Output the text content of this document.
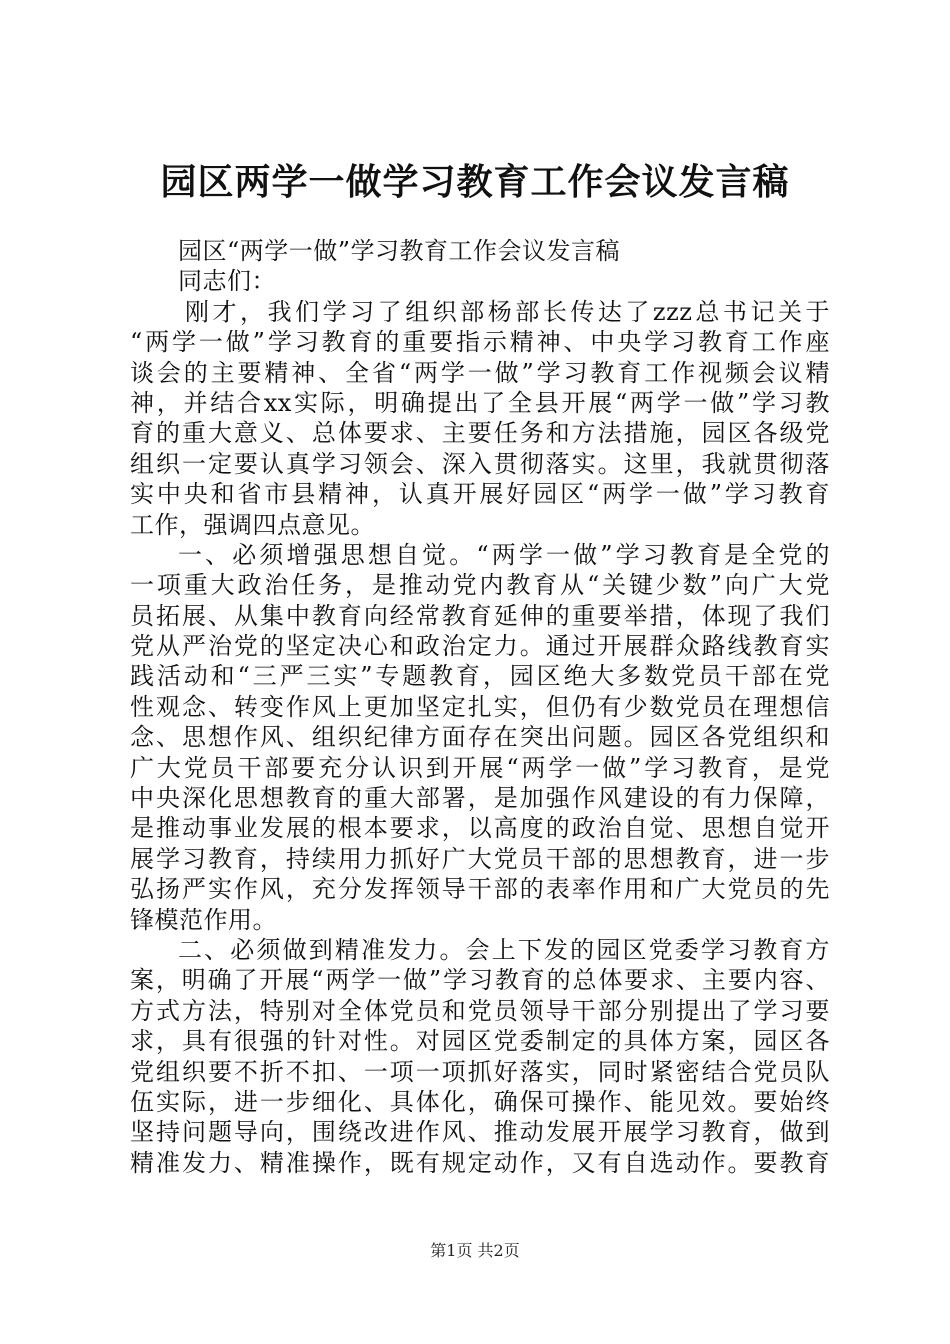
园区两学一做学习教育工作会议发言稿
园区“两学一做”学习教育工作会议发言稿
同志们：
刚才，我们学习了组织部杨部长传达了zzz总书记关于
“两学一做”学习教育的重要指示精神、中央学习教育工作座
谈会的主要精神、全省“两学一做”学习教育工作视频会议精
神，并结合xx实际，明确提出了全县开展“两学一做”学习教
育的重大意义、总体要求、主要任务和方法措施，园区各级党
组织一定要认真学习领会、深入贯彻落实。这里，我就贯彻落
实中央和省市县精神，认真开展好园区“两学一做”学习教育
工作，强调四点意见。
一、必须增强思想自觉。“两学一做”学习教育是全党的
一项重大政治任务，是推动党内教育从“关键少数”向广大党
员拓展、从集中教育向经常教育延伸的重要举措，体现了我们
党从严治党的坚定决心和政治定力。通过开展群众路线教育实
践活动和“三严三实”专题教育，园区绝大多数党员干部在党
性观念、转变作风上更加坚定扎实，但仍有少数党员在理想信
念、思想作风、组织纪律方面存在突出问题。园区各党组织和
广大党员干部要充分认识到开展“两学一做”学习教育，是党
中央深化思想教育的重大部署，是加强作风建设的有力保障，
是推动事业发展的根本要求，以高度的政治自觉、思想自觉开
展学习教育，持续用力抓好广大党员干部的思想教育，进一步
弘扬严实作风，充分发挥领导干部的表率作用和广大党员的先
锋模范作用。
二、必须做到精准发力。会上下发的园区党委学习教育方
案，明确了开展“两学一做”学习教育的总体要求、主要内容、
方式方法，特别对全体党员和党员领导干部分别提出了学习要
求，具有很强的针对性。对园区党委制定的具体方案，园区各
党组织要不折不扣、一项一项抓好落实，同时紧密结合党员队
伍实际，进一步细化、具体化，确保可操作、能见效。要始终
坚持问题导向，围绕改进作风、推动发展开展学习教育，做到
精准发力、精准操作，既有规定动作，又有自选动作。要教育
第1页 共2页
